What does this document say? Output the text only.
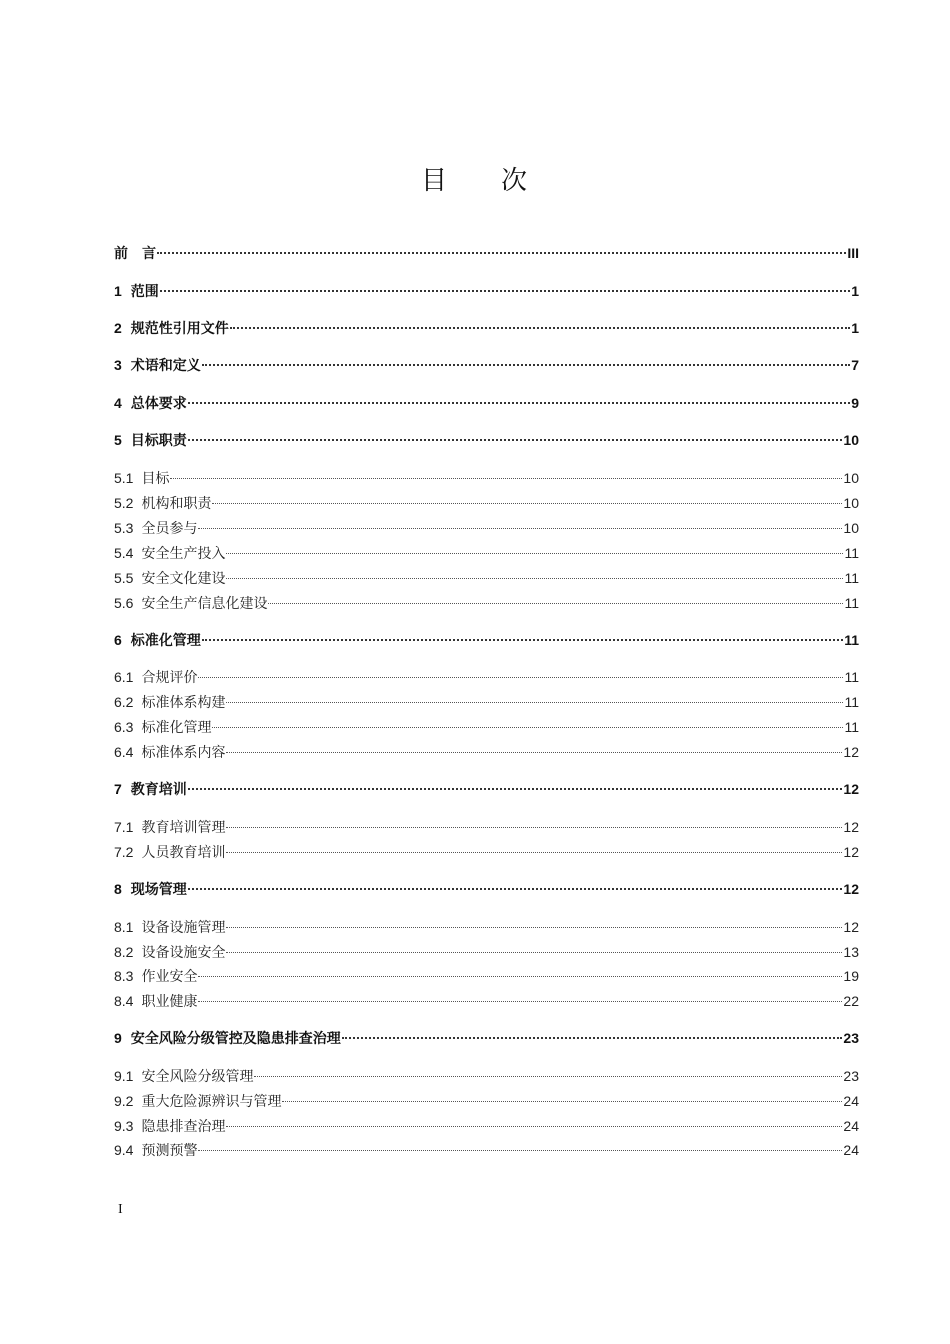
目 次
前　言	III
1 范围	1
2 规范性引用文件	1
3 术语和定义	7
4 总体要求	9
5 目标职责	10
5.1 目标	10
5.2 机构和职责	10
5.3 全员参与	10
5.4 安全生产投入	11
5.5 安全文化建设	11
5.6 安全生产信息化建设	11
6 标准化管理	11
6.1 合规评价	11
6.2 标准体系构建	11
6.3 标准化管理	11
6.4 标准体系内容	12
7 教育培训	12
7.1 教育培训管理	12
7.2 人员教育培训	12
8 现场管理	12
8.1 设备设施管理	12
8.2 设备设施安全	13
8.3 作业安全	19
8.4 职业健康	22
9 安全风险分级管控及隐患排查治理	23
9.1 安全风险分级管理	23
9.2 重大危险源辨识与管理	24
9.3 隐患排查治理	24
9.4 预测预警	24
I
